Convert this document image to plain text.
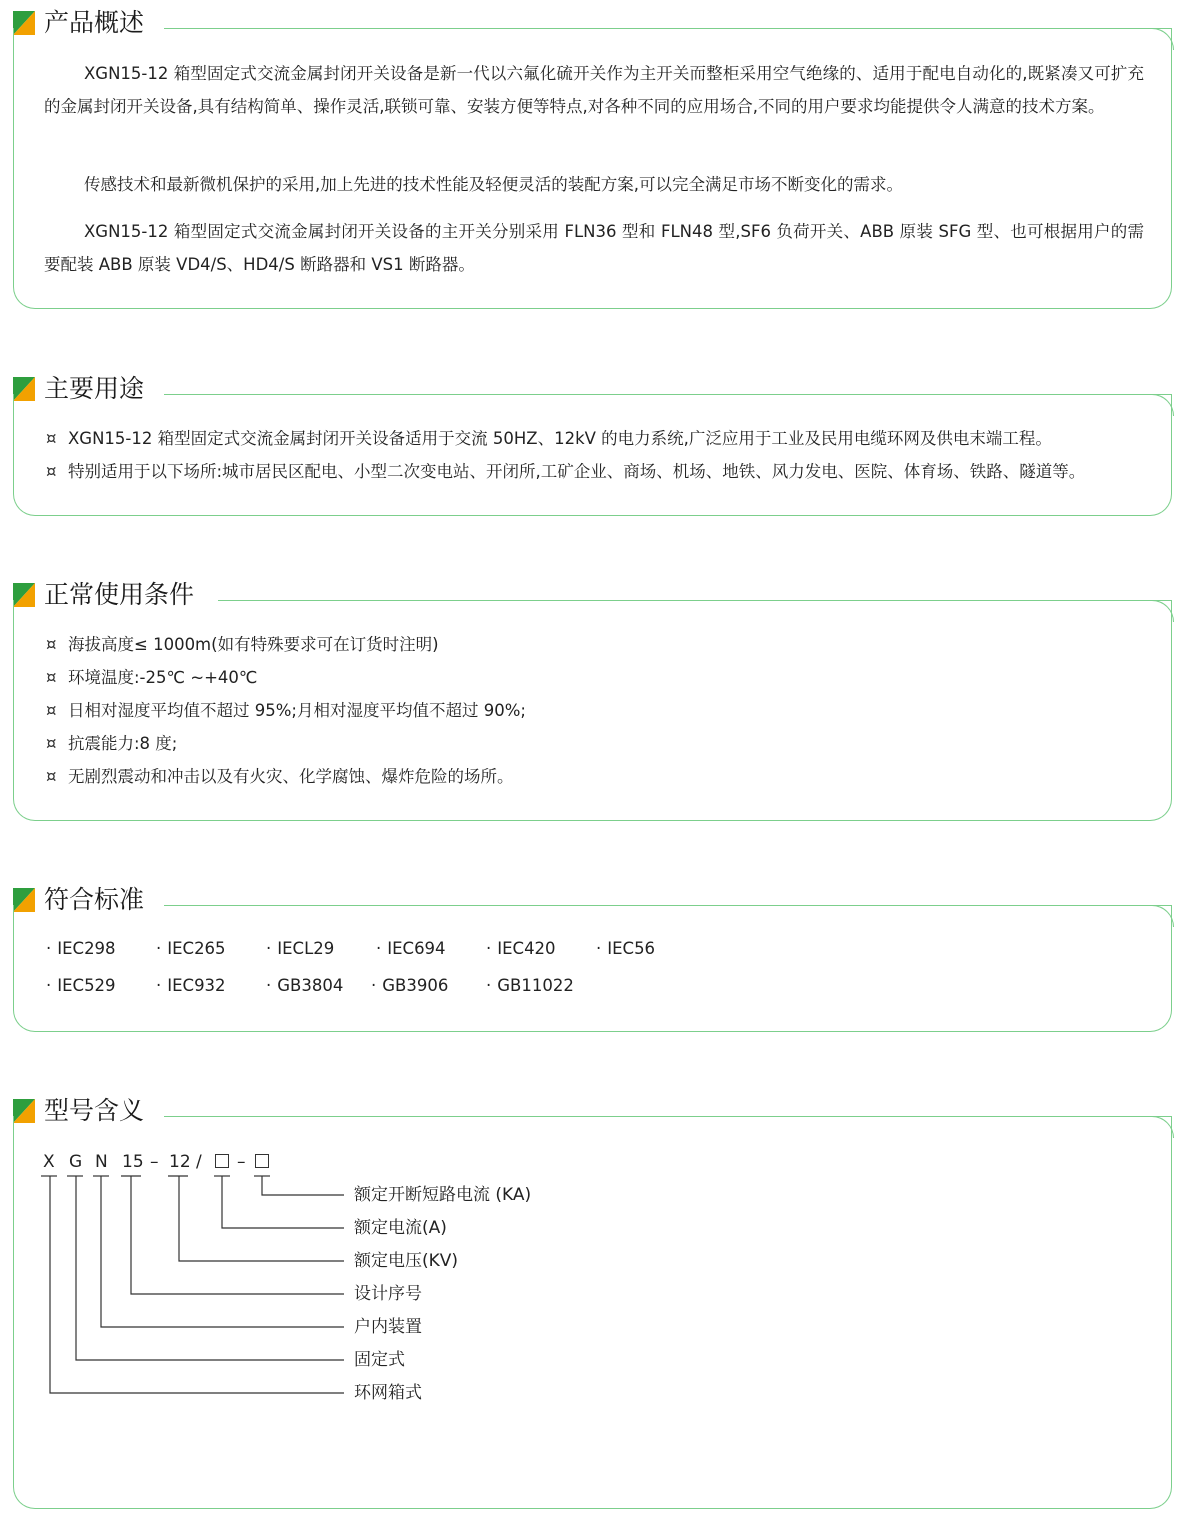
产品概述

XGN15-12 箱型固定式交流金属封闭开关设备是新一代以六氟化硫开关作为主开关而整柜采用空气绝缘的、适用于配电自动化的,既紧凑又可扩充的金属封闭开关设备,具有结构简单、操作灵活,联锁可靠、安装方便等特点,对各种不同的应用场合,不同的用户要求均能提供令人满意的技术方案。

传感技术和最新微机保护的采用,加上先进的技术性能及轻便灵活的装配方案,可以完全满足市场不断变化的需求。

XGN15-12 箱型固定式交流金属封闭开关设备的主开关分别采用 FLN36 型和 FLN48 型,SF6 负荷开关、ABB 原装 SFG 型、也可根据用户的需要配装 ABB 原装 VD4/S、HD4/S 断路器和 VS1 断路器。

主要用途
¤ XGN15-12 箱型固定式交流金属封闭开关设备适用于交流 50HZ、12kV 的电力系统,广泛应用于工业及民用电缆环网及供电末端工程。
¤ 特别适用于以下场所:城市居民区配电、小型二次变电站、开闭所,工矿企业、商场、机场、地铁、风力发电、医院、体育场、铁路、隧道等。
正常使用条件
¤ 海拔高度≤ 1000m(如有特殊要求可在订货时注明)
¤ 环境温度:-25℃ ~+40℃
¤ 日相对湿度平均值不超过 95%;月相对湿度平均值不超过 90%;
¤ 抗震能力:8 度;
¤ 无剧烈震动和冲击以及有火灾、化学腐蚀、爆炸危险的场所。
符合标准
· IEC298 · IEC265 · IECL29	· IEC694 · IEC420 · IEC56
· IEC529 · IEC932 · GB3804 · GB3906 · GB11022
型号含义
X G N 15 – 12 / –
额定开断短路电流 (KA)
额定电流(A)
额定电压(KV)
设计序号
户内装置
固定式
环网箱式
